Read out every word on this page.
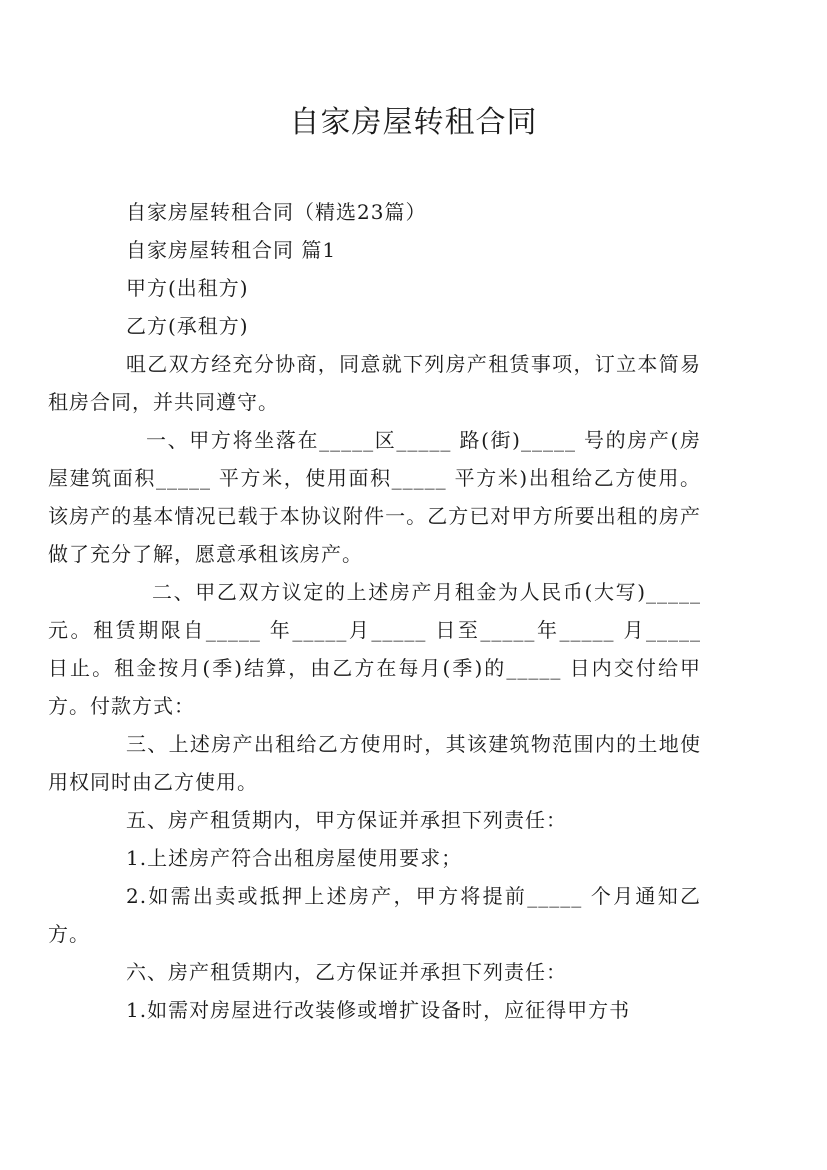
自家房屋转租合同

自家房屋转租合同（精选23篇）

自家房屋转租合同 篇1

甲方(出租方)

乙方(承租方)

咀乙双方经充分协商，同意就下列房产租赁事项，订立本简易租房合同，并共同遵守。

一、甲方将坐落在_____区_____ 路(街)_____ 号的房产(房屋建筑面积_____ 平方米，使用面积_____ 平方米)出租给乙方使用。该房产的基本情况已载于本协议附件一。乙方已对甲方所要出租的房产做了充分了解，愿意承租该房产。

二、甲乙双方议定的上述房产月租金为人民币(大写)_____ 元。租赁期限自_____ 年_____月_____ 日至_____年_____ 月_____ 日止。租金按月(季)结算，由乙方在每月(季)的_____ 日内交付给甲方。付款方式：

三、上述房产出租给乙方使用时，其该建筑物范围内的土地使用权同时由乙方使用。

五、房产租赁期内，甲方保证并承担下列责任：

1.上述房产符合出租房屋使用要求；

2.如需出卖或抵押上述房产，甲方将提前_____ 个月通知乙方。

六、房产租赁期内，乙方保证并承担下列责任：

1.如需对房屋进行改装修或增扩设备时，应征得甲方书
